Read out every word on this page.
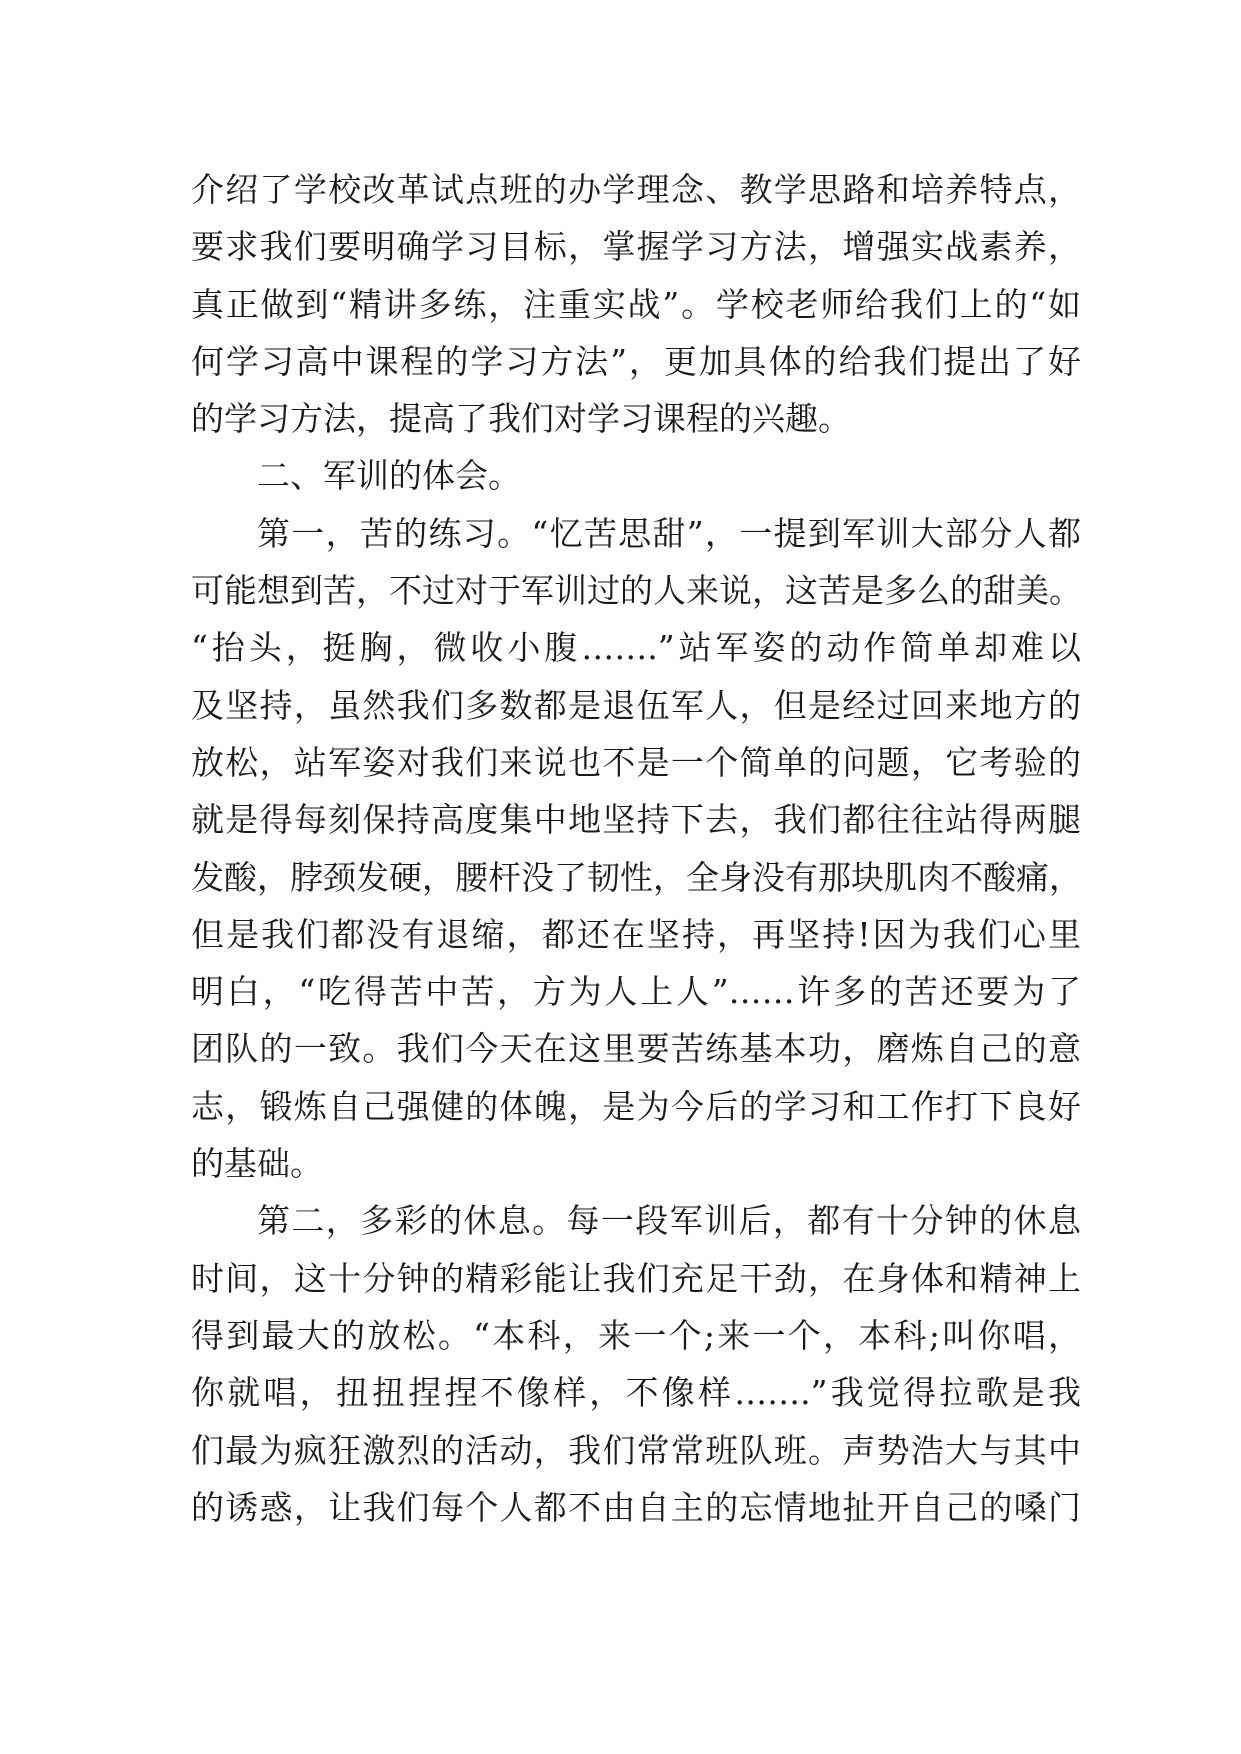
介绍了学校改革试点班的办学理念、教学思路和培养特点，
要求我们要明确学习目标，掌握学习方法，增强实战素养，
真正做到“精讲多练，注重实战”。学校老师给我们上的“如
何学习高中课程的学习方法”，更加具体的给我们提出了好
的学习方法，提高了我们对学习课程的兴趣。
二、军训的体会。
第一，苦的练习。“忆苦思甜”，一提到军训大部分人都
可能想到苦，不过对于军训过的人来说，这苦是多么的甜美。
“抬头，挺胸，微收小腹…….”站军姿的动作简单却难以
及坚持，虽然我们多数都是退伍军人，但是经过回来地方的
放松，站军姿对我们来说也不是一个简单的问题，它考验的
就是得每刻保持高度集中地坚持下去，我们都往往站得两腿
发酸，脖颈发硬，腰杆没了韧性，全身没有那块肌肉不酸痛，
但是我们都没有退缩，都还在坚持，再坚持!因为我们心里
明白，“吃得苦中苦，方为人上人”……许多的苦还要为了
团队的一致。我们今天在这里要苦练基本功，磨炼自己的意
志，锻炼自己强健的体魄，是为今后的学习和工作打下良好
的基础。
第二，多彩的休息。每一段军训后，都有十分钟的休息
时间，这十分钟的精彩能让我们充足干劲，在身体和精神上
得到最大的放松。“本科，来一个;来一个，本科;叫你唱，
你就唱，扭扭捏捏不像样，不像样…….”我觉得拉歌是我
们最为疯狂激烈的活动，我们常常班队班。声势浩大与其中
的诱惑，让我们每个人都不由自主的忘情地扯开自己的嗓门
